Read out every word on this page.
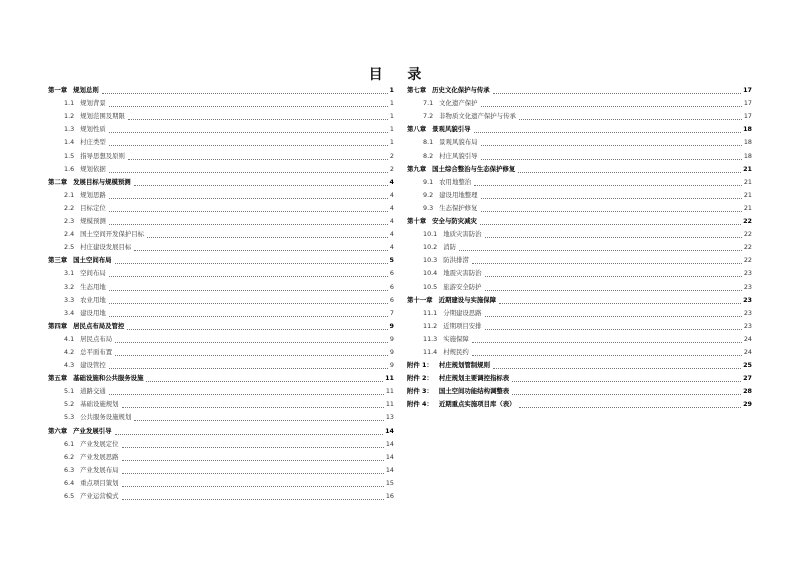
目 录
第一章 规划总则	1
1.1 规划背景	1
1.2 规划范围及期限	1
1.3 规划性质	1
1.4 村庄类型	1
1.5 指导思想及原则	2
1.6 规划依据	2
第二章 发展目标与规模预测	4
2.1 规划思路	4
2.2 目标定位	4
2.3 规模预测	4
2.4 国土空间开发保护目标	4
2.5 村庄建设发展目标	4
第三章 国土空间布局	5
3.1 空间布局	6
3.2 生态用地	6
3.3 农业用地	6
3.4 建设用地	7
第四章 居民点布局及管控	9
4.1 居民点布局	9
4.2 总平面布置	9
4.3 建设管控	9
第五章 基础设施和公共服务设施	11
5.1 道路交通	11
5.2 基础设施规划	11
5.3 公共服务设施规划	13
第六章 产业发展引导	14
6.1 产业发展定位	14
6.2 产业发展思路	14
6.3 产业发展布局	14
6.4 重点项目策划	15
6.5 产业运营模式	16
第七章 历史文化保护与传承	17
7.1 文化遗产保护	17
7.2 非物质文化遗产保护与传承	17
第八章 景观风貌引导	18
8.1 景观风貌布局	18
8.2 村庄风貌引导	18
第九章 国土综合整治与生态保护修复	21
9.1 农用地整治	21
9.2 建设用地整理	21
9.3 生态保护修复	21
第十章 安全与防灾减灾	22
10.1 地质灾害防治	22
10.2 消防	22
10.3 防洪排涝	22
10.4 地震灾害防治	23
10.5 旅游安全防护	23
第十一章 近期建设与实施保障	23
11.1 分期建设思路	23
11.2 近期项目安排	23
11.3 实施保障	24
11.4 村规民约	24
附件 1： 村庄规划管制规则	25
附件 2： 村庄规划主要调控指标表	27
附件 3： 国土空间功能结构调整表	28
附件 4： 近期重点实施项目库（表）	29
